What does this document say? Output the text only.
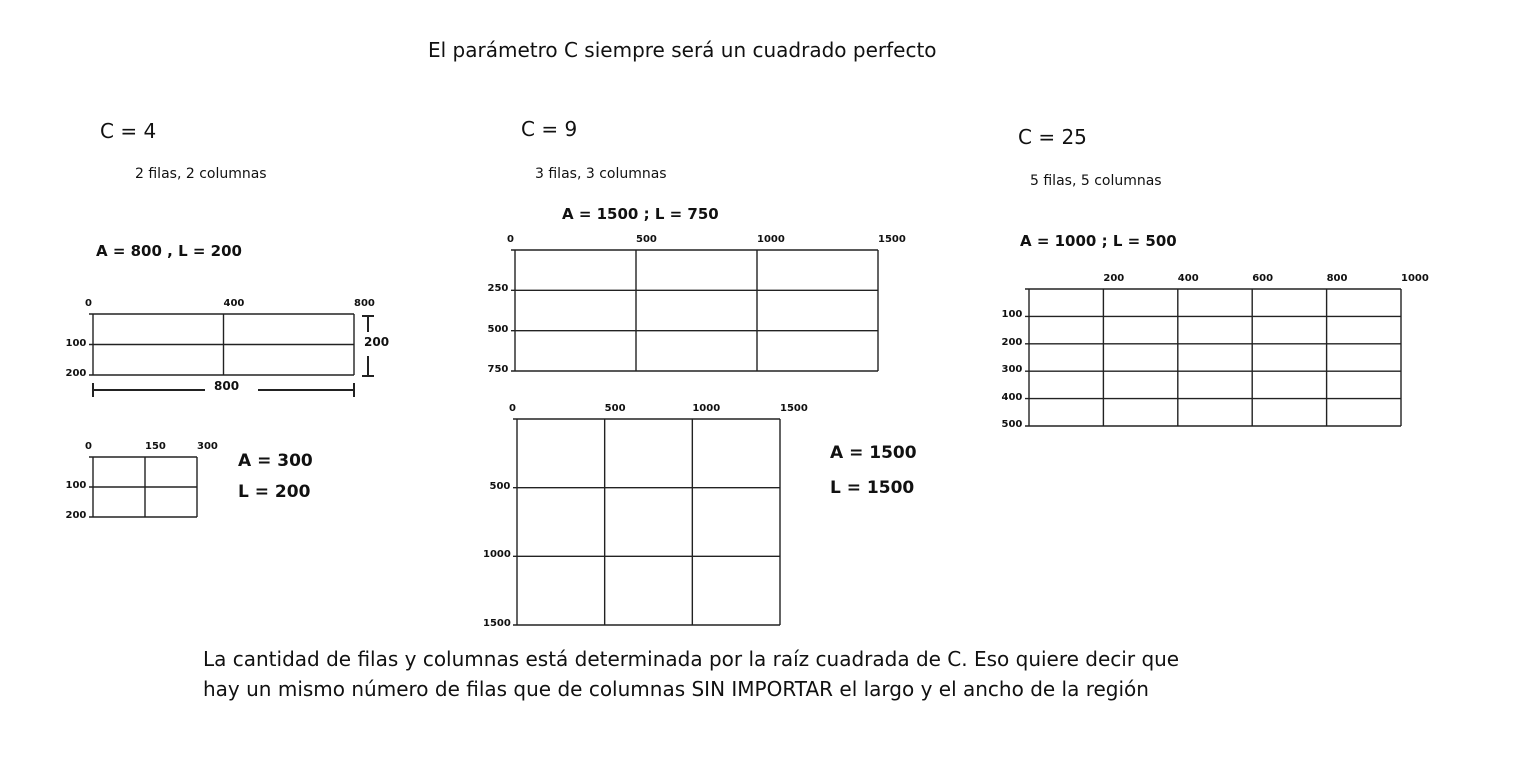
El parámetro C siempre será un cuadrado perfecto
C = 4
2 filas, 2 columnas
C = 9
3 filas, 3 columnas
C = 25
5 filas, 5 columnas
A = 800 , L = 200
A = 300
L = 200
A = 1500 ; L = 750
A = 1500
L = 1500
A = 1000 ; L = 500
800
200
0	400	800
100
200
0	150	300
100
200
0	500	1000	1500
250
500
750
0	500	1000	1500
500
1000
1500
200	400	600	800	1000
100
200
300
400
500
La cantidad de filas y columnas está determinada por la raíz cuadrada de C. Eso quiere decir que
hay un mismo número de filas que de columnas SIN IMPORTAR el largo y el ancho de la región
